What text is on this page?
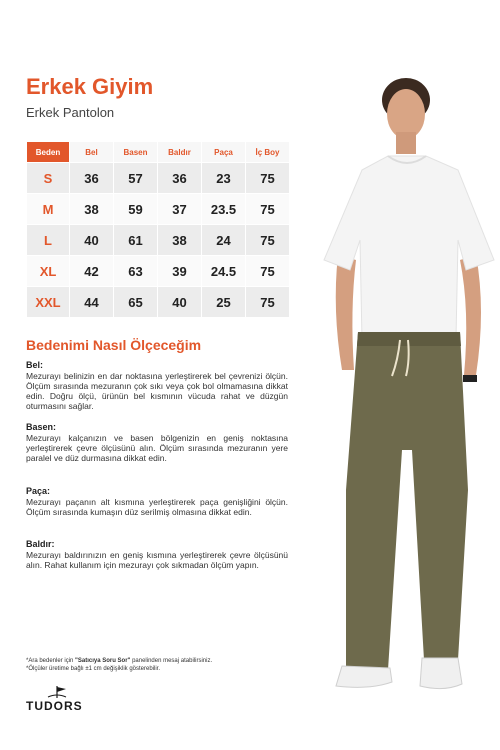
Erkek Giyim
Erkek Pantolon
Beden	Bel	Basen	Baldır	Paça	İç Boy
S	36	57	36	23	75
M	38	59	37	23.5	75
L	40	61	38	24	75
XL	42	63	39	24.5	75
XXL	44	65	40	25	75
Bedenimi Nasıl Ölçeceğim
Bel:
Mezurayı belinizin en dar noktasına yerleştirerek bel çevrenizi ölçün. Ölçüm sırasında mezuranın çok sıkı veya çok bol olmamasına dikkat edin. Doğru ölçü, ürünün bel kısmının vücuda rahat ve düzgün oturmasını sağlar.
Basen:
Mezurayı kalçanızın ve basen bölgenizin en geniş noktasına yerleştirerek çevre ölçüsünü alın. Ölçüm sırasında mezuranın yere paralel ve düz durmasına dikkat edin.
Paça:
Mezurayı paçanın alt kısmına yerleştirerek paça genişliğini ölçün. Ölçüm sırasında kumaşın düz serilmiş olmasına dikkat edin.
Baldır:
Mezurayı baldırınızın en geniş kısmına yerleştirerek çevre ölçüsünü alın. Rahat kullanım için mezurayı çok sıkmadan ölçüm yapın.
*Ara bedenler için "Satıcıya Soru Sor" panelinden mesaj atabilirsiniz.
*Ölçüler üretime bağlı ±1 cm değişiklik gösterebilir.
TUDORS
